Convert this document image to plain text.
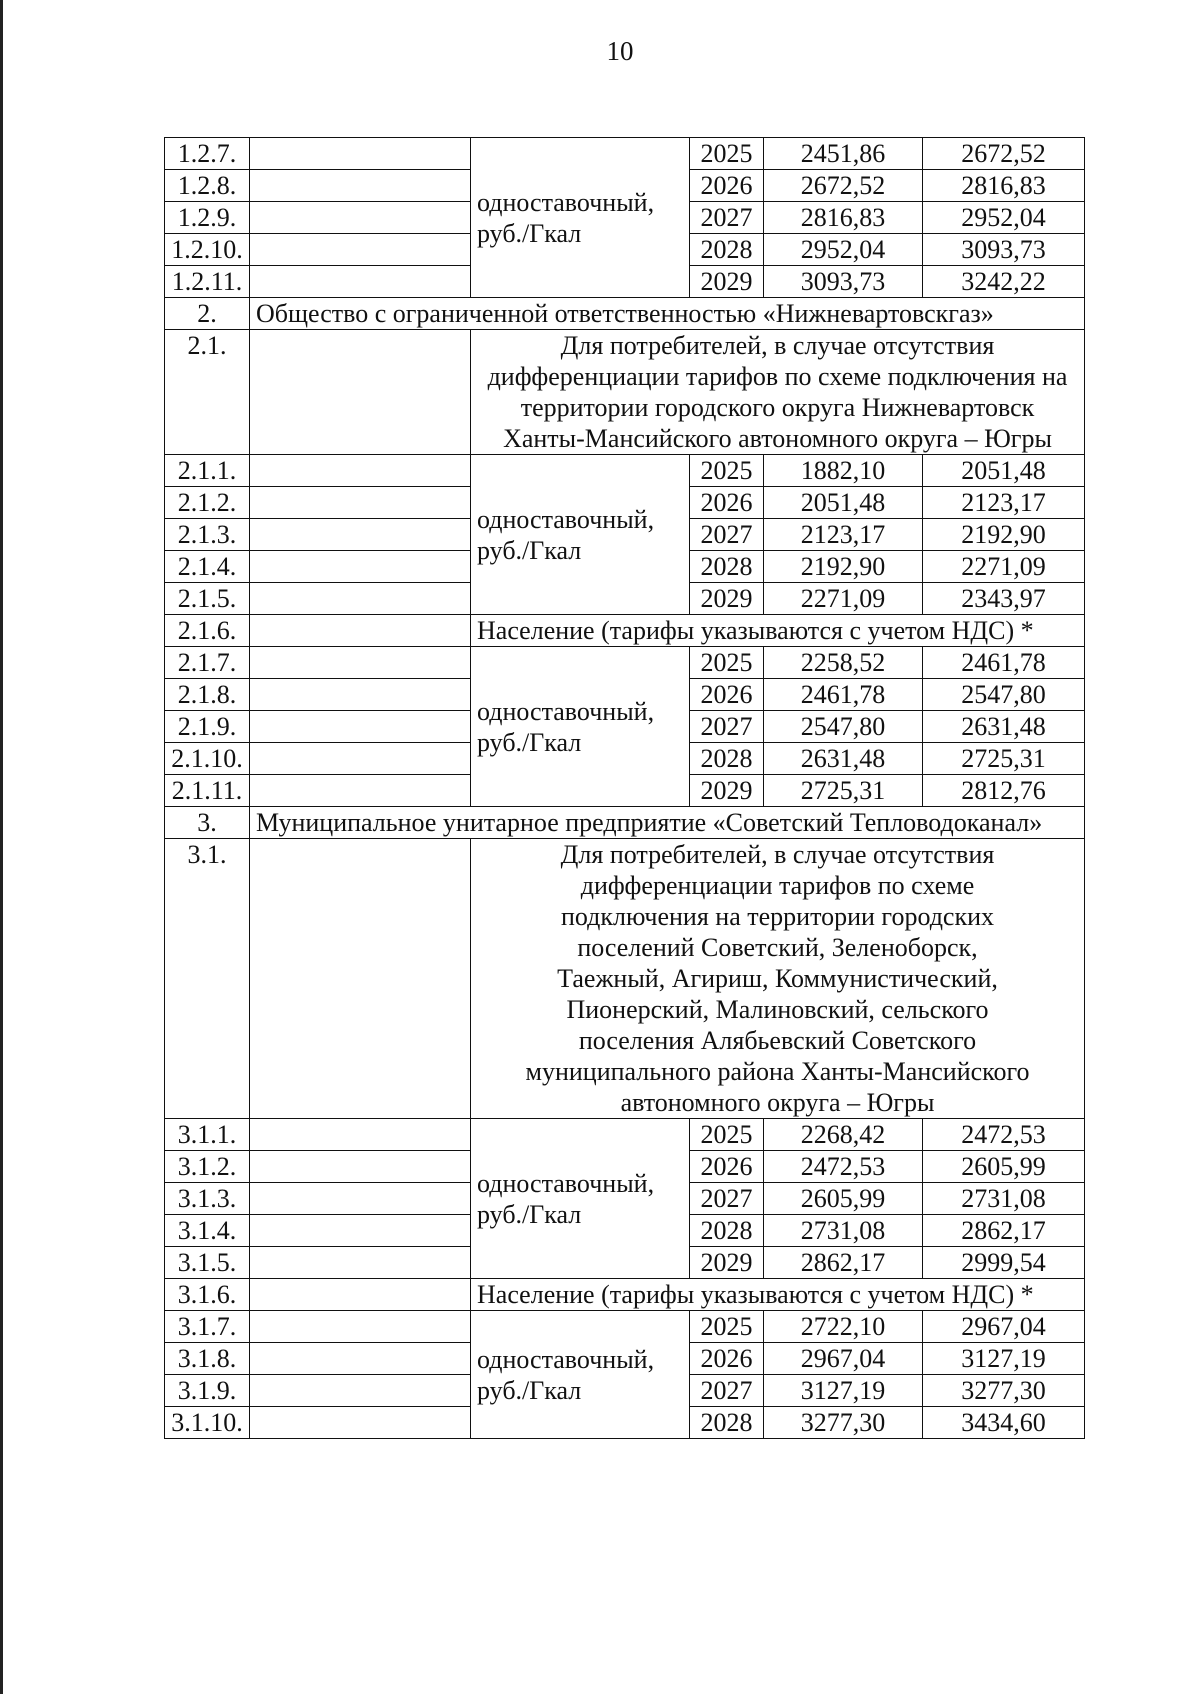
10
1.2.7.		одноставочный, руб./Гкал	2025	2451,86	2672,52
1.2.8.			2026	2672,52	2816,83
1.2.9.			2027	2816,83	2952,04
1.2.10.			2028	2952,04	3093,73
1.2.11.			2029	3093,73	3242,22
2.	Общество с ограниченной ответственностью «Нижневартовскгаз»				
2.1.		Для потребителей, в случае отсутствия дифференциации тарифов по схеме подключения на территории городского округа Нижневартовск Ханты-Мансийского автономного округа – Югры			
2.1.1.		одноставочный, руб./Гкал	2025	1882,10	2051,48
2.1.2.			2026	2051,48	2123,17
2.1.3.			2027	2123,17	2192,90
2.1.4.			2028	2192,90	2271,09
2.1.5.			2029	2271,09	2343,97
2.1.6.		Население (тарифы указываются с учетом НДС) *			
2.1.7.		одноставочный, руб./Гкал	2025	2258,52	2461,78
2.1.8.			2026	2461,78	2547,80
2.1.9.			2027	2547,80	2631,48
2.1.10.			2028	2631,48	2725,31
2.1.11.			2029	2725,31	2812,76
3.	Муниципальное унитарное предприятие «Советский Тепловодоканал»				
3.1.		Для потребителей, в случае отсутствия дифференциации тарифов по схеме подключения на территории городских поселений Советский, Зеленоборск, Таежный, Агириш, Коммунистический, Пионерский, Малиновский, сельского поселения Алябьевский Советского муниципального района Ханты-Мансийского автономного округа – Югры			
3.1.1.		одноставочный, руб./Гкал	2025	2268,42	2472,53
3.1.2.			2026	2472,53	2605,99
3.1.3.			2027	2605,99	2731,08
3.1.4.			2028	2731,08	2862,17
3.1.5.			2029	2862,17	2999,54
3.1.6.		Население (тарифы указываются с учетом НДС) *			
3.1.7.		одноставочный, руб./Гкал	2025	2722,10	2967,04
3.1.8.			2026	2967,04	3127,19
3.1.9.			2027	3127,19	3277,30
3.1.10.			2028	3277,30	3434,60
